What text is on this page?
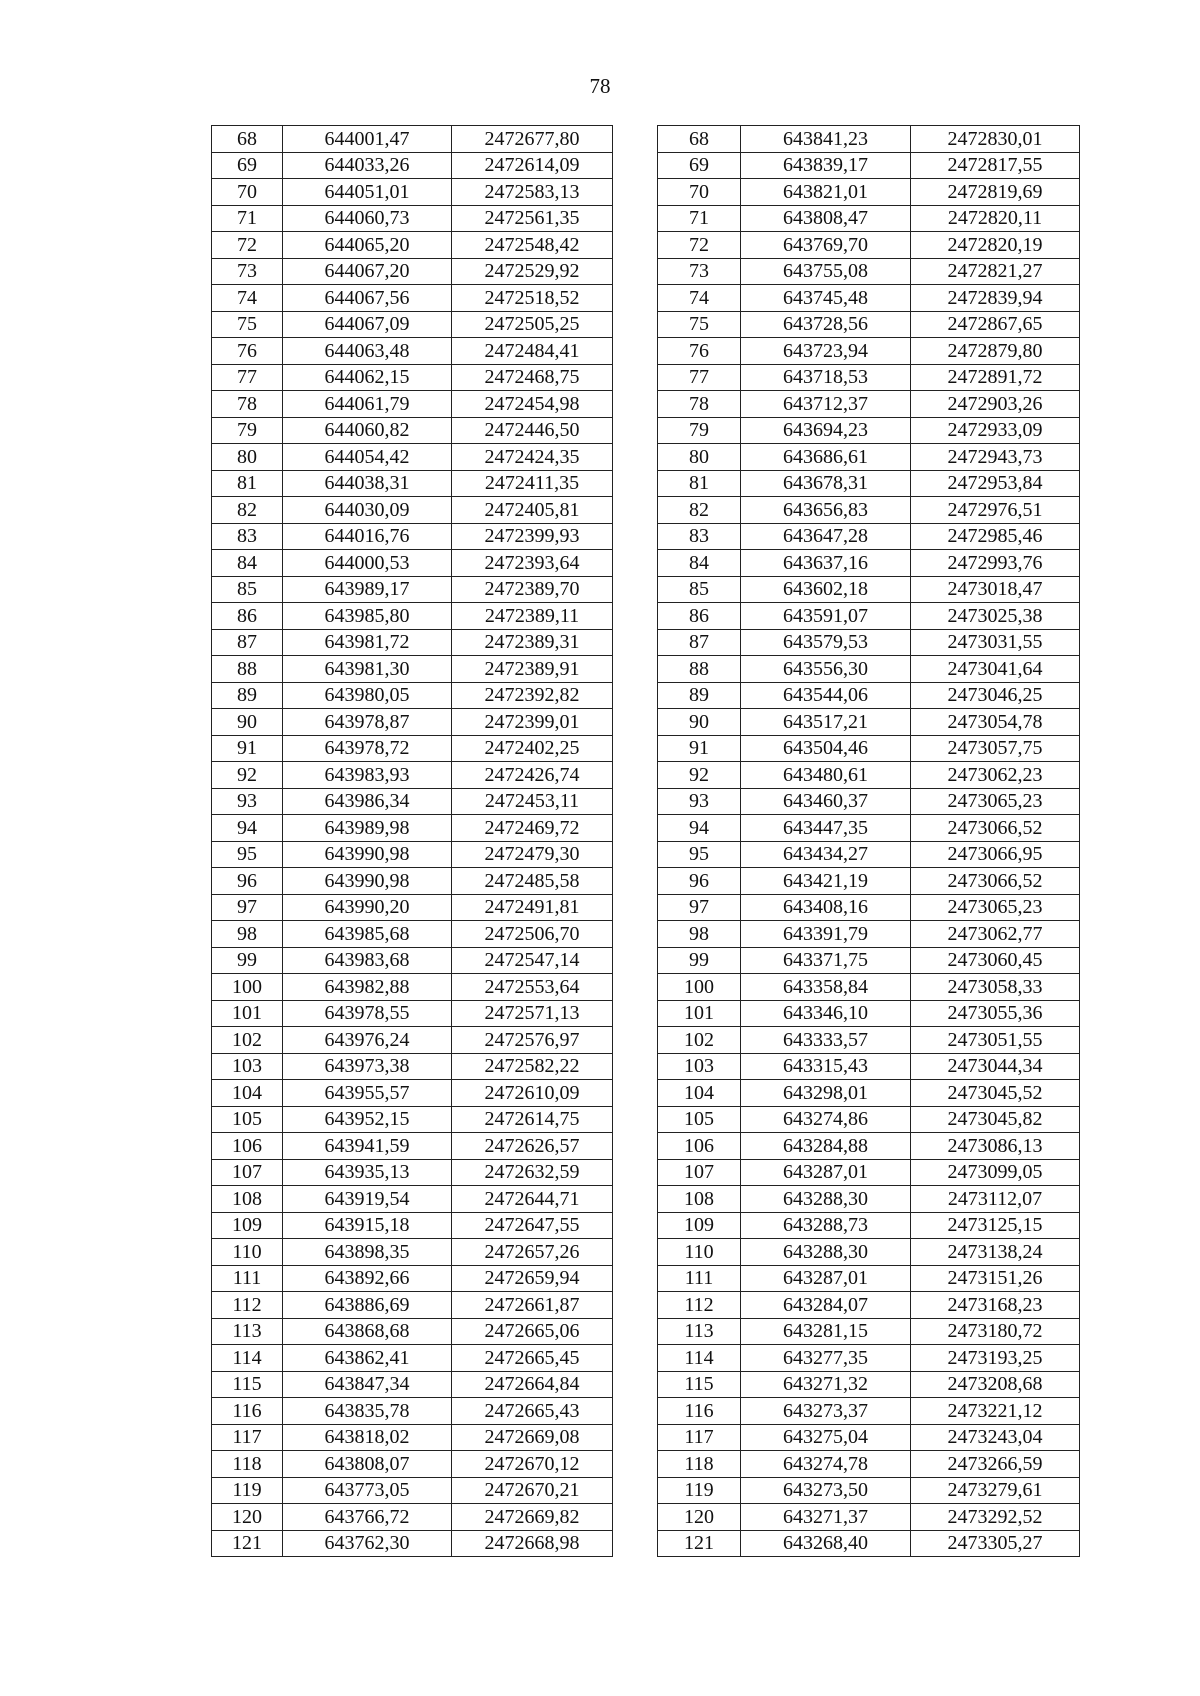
78
68	644001,47	2472677,80		68	643841,23	2472830,01
69	644033,26	2472614,09		69	643839,17	2472817,55
70	644051,01	2472583,13		70	643821,01	2472819,69
71	644060,73	2472561,35		71	643808,47	2472820,11
72	644065,20	2472548,42		72	643769,70	2472820,19
73	644067,20	2472529,92		73	643755,08	2472821,27
74	644067,56	2472518,52		74	643745,48	2472839,94
75	644067,09	2472505,25		75	643728,56	2472867,65
76	644063,48	2472484,41		76	643723,94	2472879,80
77	644062,15	2472468,75		77	643718,53	2472891,72
78	644061,79	2472454,98		78	643712,37	2472903,26
79	644060,82	2472446,50		79	643694,23	2472933,09
80	644054,42	2472424,35		80	643686,61	2472943,73
81	644038,31	2472411,35		81	643678,31	2472953,84
82	644030,09	2472405,81		82	643656,83	2472976,51
83	644016,76	2472399,93		83	643647,28	2472985,46
84	644000,53	2472393,64		84	643637,16	2472993,76
85	643989,17	2472389,70		85	643602,18	2473018,47
86	643985,80	2472389,11		86	643591,07	2473025,38
87	643981,72	2472389,31		87	643579,53	2473031,55
88	643981,30	2472389,91		88	643556,30	2473041,64
89	643980,05	2472392,82		89	643544,06	2473046,25
90	643978,87	2472399,01		90	643517,21	2473054,78
91	643978,72	2472402,25		91	643504,46	2473057,75
92	643983,93	2472426,74		92	643480,61	2473062,23
93	643986,34	2472453,11		93	643460,37	2473065,23
94	643989,98	2472469,72		94	643447,35	2473066,52
95	643990,98	2472479,30		95	643434,27	2473066,95
96	643990,98	2472485,58		96	643421,19	2473066,52
97	643990,20	2472491,81		97	643408,16	2473065,23
98	643985,68	2472506,70		98	643391,79	2473062,77
99	643983,68	2472547,14		99	643371,75	2473060,45
100	643982,88	2472553,64		100	643358,84	2473058,33
101	643978,55	2472571,13		101	643346,10	2473055,36
102	643976,24	2472576,97		102	643333,57	2473051,55
103	643973,38	2472582,22		103	643315,43	2473044,34
104	643955,57	2472610,09		104	643298,01	2473045,52
105	643952,15	2472614,75		105	643274,86	2473045,82
106	643941,59	2472626,57		106	643284,88	2473086,13
107	643935,13	2472632,59		107	643287,01	2473099,05
108	643919,54	2472644,71		108	643288,30	2473112,07
109	643915,18	2472647,55		109	643288,73	2473125,15
110	643898,35	2472657,26		110	643288,30	2473138,24
111	643892,66	2472659,94		111	643287,01	2473151,26
112	643886,69	2472661,87		112	643284,07	2473168,23
113	643868,68	2472665,06		113	643281,15	2473180,72
114	643862,41	2472665,45		114	643277,35	2473193,25
115	643847,34	2472664,84		115	643271,32	2473208,68
116	643835,78	2472665,43		116	643273,37	2473221,12
117	643818,02	2472669,08		117	643275,04	2473243,04
118	643808,07	2472670,12		118	643274,78	2473266,59
119	643773,05	2472670,21		119	643273,50	2473279,61
120	643766,72	2472669,82		120	643271,37	2473292,52
121	643762,30	2472668,98		121	643268,40	2473305,27
